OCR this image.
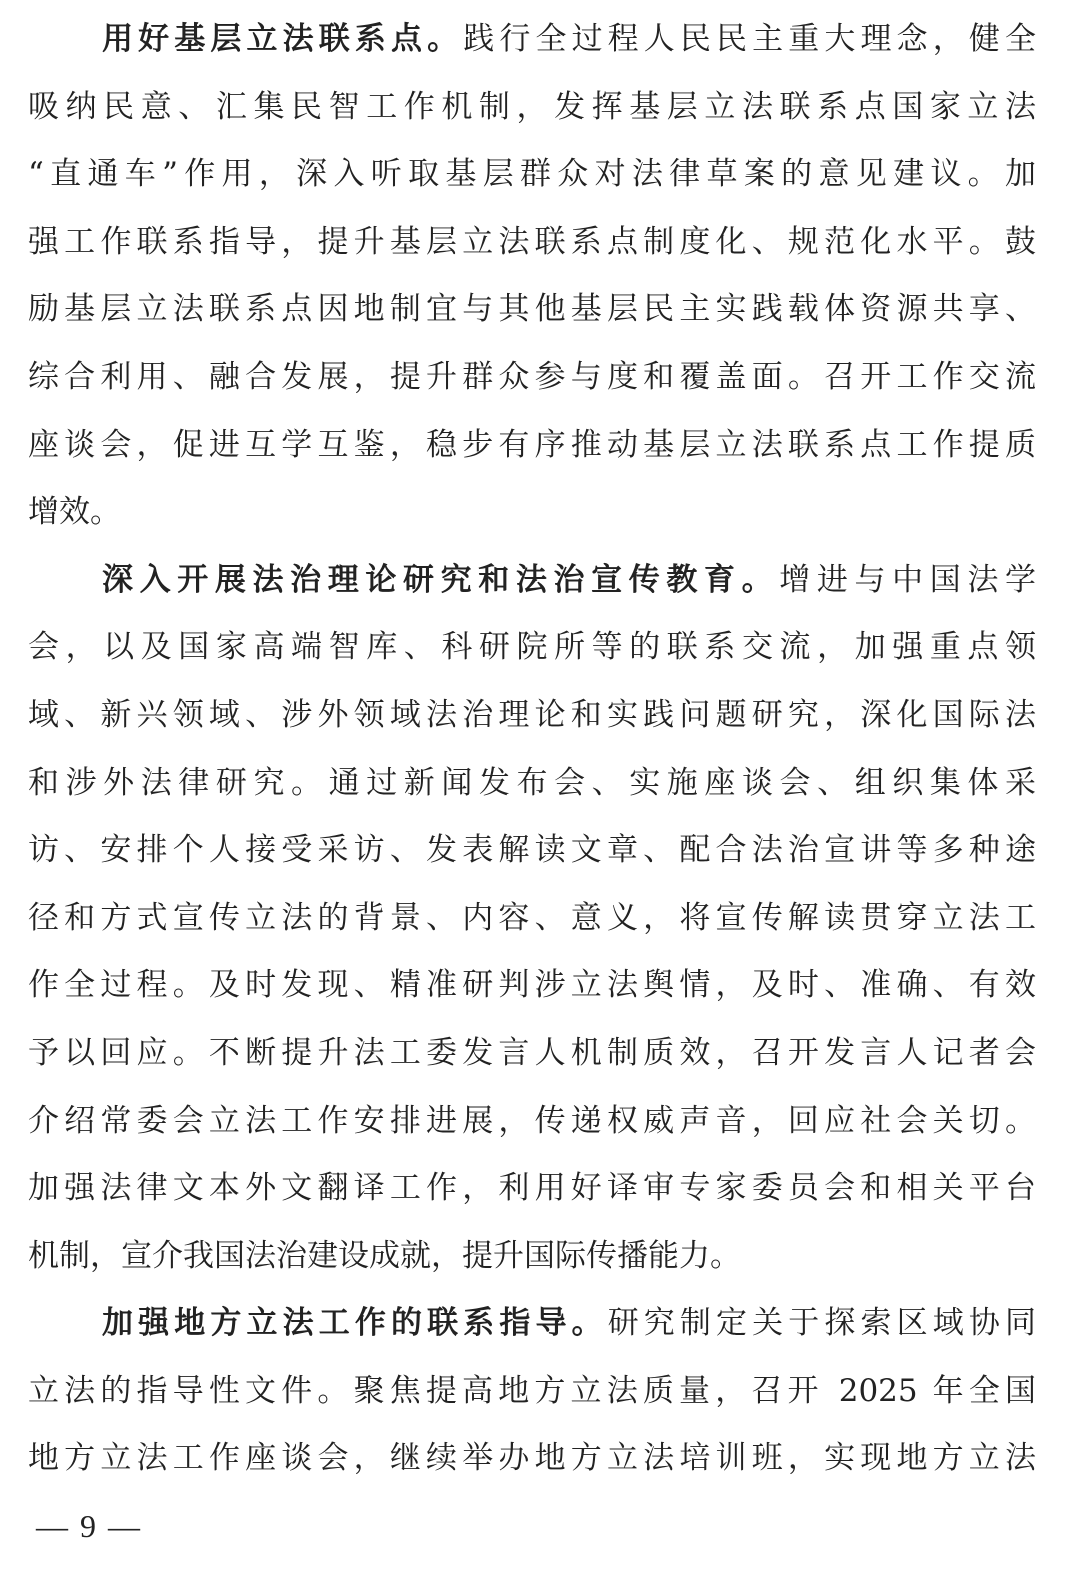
用好基层立法联系点。践行全过程人民民主重大理念，健全
吸纳民意、汇集民智工作机制，发挥基层立法联系点国家立法
“直通车”作用，深入听取基层群众对法律草案的意见建议。加
强工作联系指导，提升基层立法联系点制度化、规范化水平。鼓
励基层立法联系点因地制宜与其他基层民主实践载体资源共享、
综合利用、融合发展，提升群众参与度和覆盖面。召开工作交流
座谈会，促进互学互鉴，稳步有序推动基层立法联系点工作提质
增效。
深入开展法治理论研究和法治宣传教育。增进与中国法学
会，以及国家高端智库、科研院所等的联系交流，加强重点领
域、新兴领域、涉外领域法治理论和实践问题研究，深化国际法
和涉外法律研究。通过新闻发布会、实施座谈会、组织集体采
访、安排个人接受采访、发表解读文章、配合法治宣讲等多种途
径和方式宣传立法的背景、内容、意义，将宣传解读贯穿立法工
作全过程。及时发现、精准研判涉立法舆情，及时、准确、有效
予以回应。不断提升法工委发言人机制质效，召开发言人记者会
介绍常委会立法工作安排进展，传递权威声音，回应社会关切。
加强法律文本外文翻译工作，利用好译审专家委员会和相关平台
机制，宣介我国法治建设成就，提升国际传播能力。
加强地方立法工作的联系指导。研究制定关于探索区域协同
立法的指导性文件。聚焦提高地方立法质量，召开 2025 年全国
地方立法工作座谈会，继续举办地方立法培训班，实现地方立法
— 9 —
